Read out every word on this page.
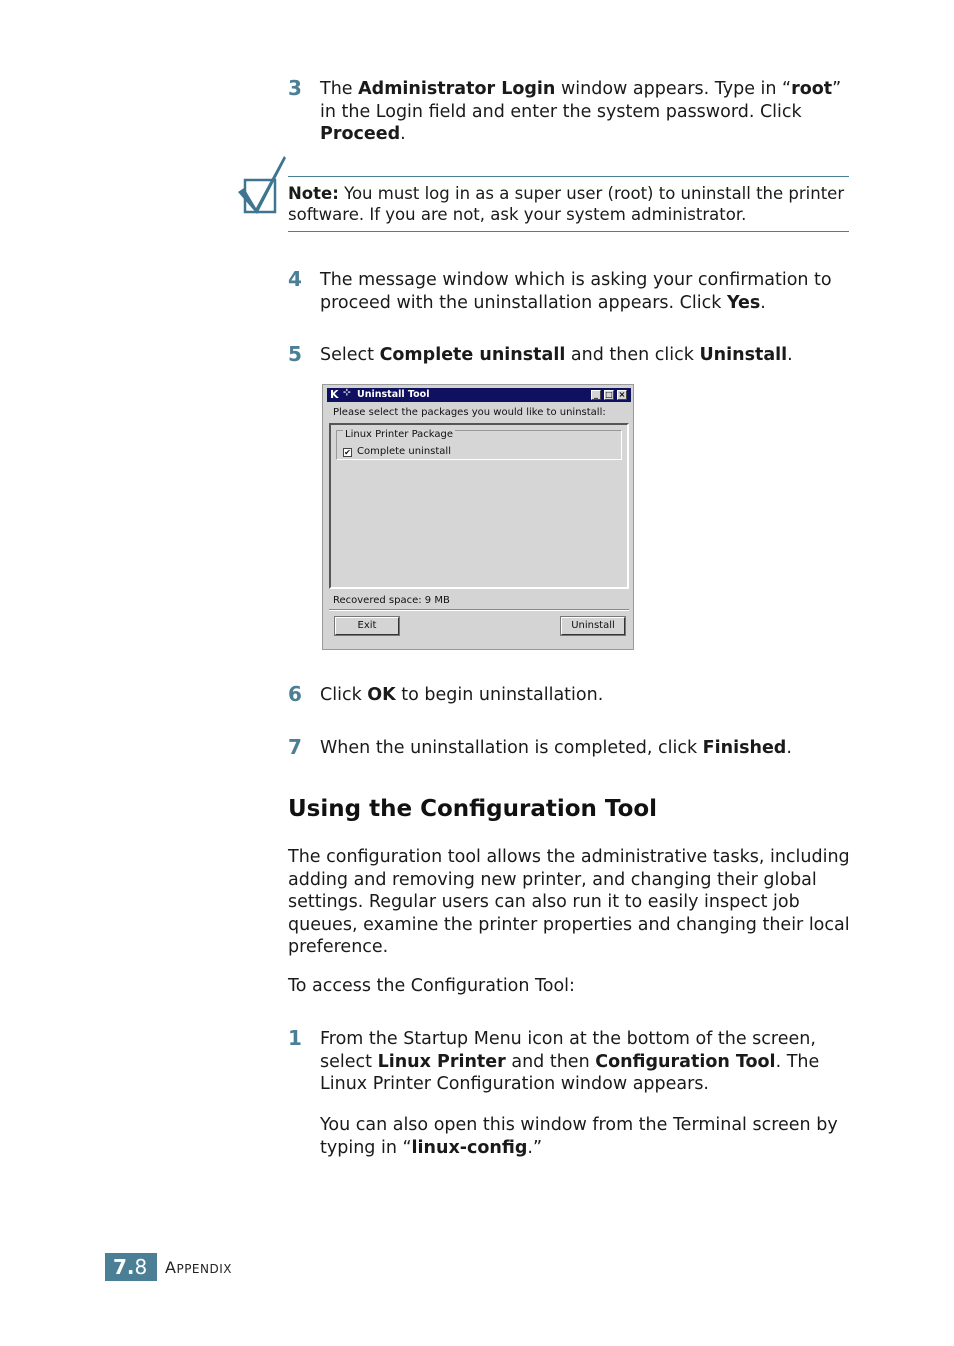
3 The Administrator Login window appears. Type in “root” in the Login field and enter the system password. Click Proceed.
Note: You must log in as a super user (root) to uninstall the printer software. If you are not, ask your system administrator.
4 The message window which is asking your confirmation to proceed with the uninstallation appears. Click Yes.
5 Select Complete uninstall and then click Uninstall.
K ⊹ Uninstall Tool	_ □ ×
Please select the packages you would like to uninstall:
Linux Printer Package
✔ Complete uninstall
Recovered space: 9 MB
Exit	Uninstall
6 Click OK to begin uninstallation.
7 When the uninstallation is completed, click Finished.
Using the Configuration Tool
The configuration tool allows the administrative tasks, including adding and removing new printer, and changing their global settings. Regular users can also run it to easily inspect job queues, examine the printer properties and changing their local preference.
To access the Configuration Tool:
1 From the Startup Menu icon at the bottom of the screen, select Linux Printer and then Configuration Tool. The Linux Printer Configuration window appears.
You can also open this window from the Terminal screen by typing in “linux-config.”
7.8	APPENDIX
